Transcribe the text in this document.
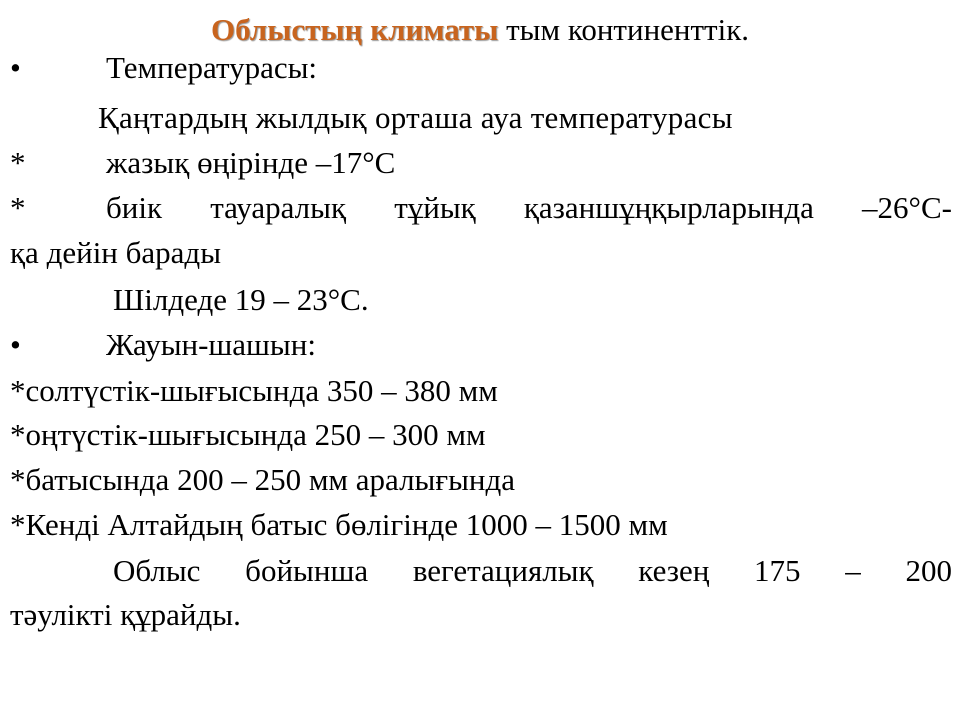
Облыстың климаты тым континенттік.
•	Температурасы:
Қаңтардың жылдық орташа ауа температурасы
*	жазық өңірінде –17°С
*	биік тауаралық тұйық қазаншұңқырларында –26°С-
қа дейін барады
Шілдеде 19 – 23°С.
•	Жауын-шашын:
*солтүстік-шығысында 350 – 380 мм
*оңтүстік-шығысында 250 – 300 мм
*батысында 200 – 250 мм аралығында
*Кенді Алтайдың батыс бөлігінде 1000 – 1500 мм
Облыс бойынша вегетациялық кезең 175 – 200
тәулікті құрайды.
